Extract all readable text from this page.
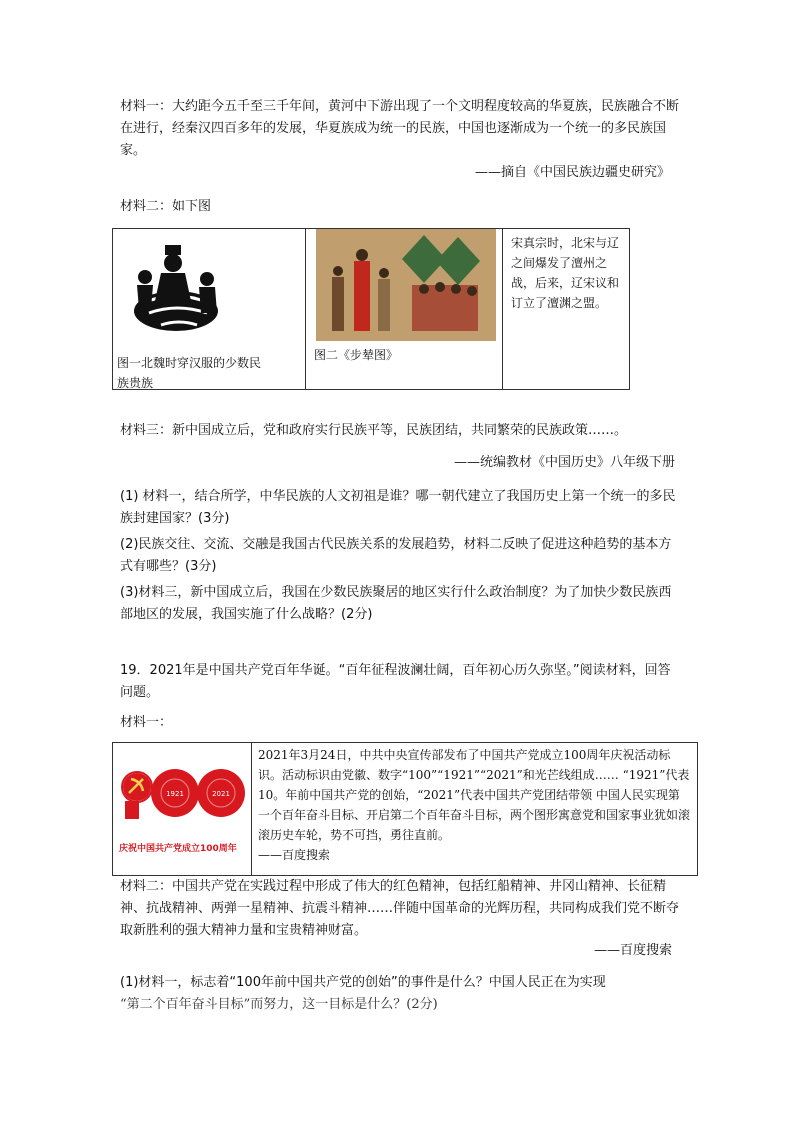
材料一：大约距今五千至三千年间，黄河中下游出现了一个文明程度较高的华夏族，民族融合不断在进行，经秦汉四百多年的发展，华夏族成为统一的民族，中国也逐渐成为一个统一的多民族国家。
——摘自《中国民族边疆史研究》
材料二：如下图
图一北魏时穿汉服的少数民族贵族

图二《步辇图》

宋真宗时，北宋与辽之间爆发了澶州之战，后来，辽宋议和订立了澶渊之盟。
材料三：新中国成立后，党和政府实行民族平等，民族团结，共同繁荣的民族政策……。
——统编教材《中国历史》八年级下册
(1) 材料一，结合所学，中华民族的人文初祖是谁？哪一朝代建立了我国历史上第一个统一的多民族封建国家？(3分)
(2)民族交往、交流、交融是我国古代民族关系的发展趋势，材料二反映了促进这种趋势的基本方式有哪些？(3分)
(3)材料三，新中国成立后，我国在少数民族聚居的地区实行什么政治制度？为了加快少数民族西部地区的发展，我国实施了什么战略？(2分)
19．2021年是中国共产党百年华诞。“百年征程波澜壮阔，百年初心历久弥坚。”阅读材料，回答问题。
材料一：
1921	2021
庆祝中国共产党成立100周年

2021年3月24日，中共中央宣传部发布了中国共产党成立100周年庆祝活动标识。活动标识由党徽、数字“100”“1921”“2021”和光芒线组成…… “1921”代表10。年前中国共产党的创始，“2021”代表中国共产党团结带领 中国人民实现第一个百年奋斗目标、开启第二个百年奋斗目标，两个图形寓意党和国家事业犹如滚滚历史车轮，势不可挡，勇往直前。
——百度搜索
材料二：中国共产党在实践过程中形成了伟大的红色精神，包括红船精神、井冈山精神、长征精神、抗战精神、两弹一星精神、抗震斗精神……伴随中国革命的光辉历程，共同构成我们党不断夺取新胜利的强大精神力量和宝贵精神财富。
——百度搜索
(1)材料一，标志着“100年前中国共产党的创始”的事件是什么？中国人民正在为实现
“第二个百年奋斗目标”而努力，这一目标是什么？(2分)
